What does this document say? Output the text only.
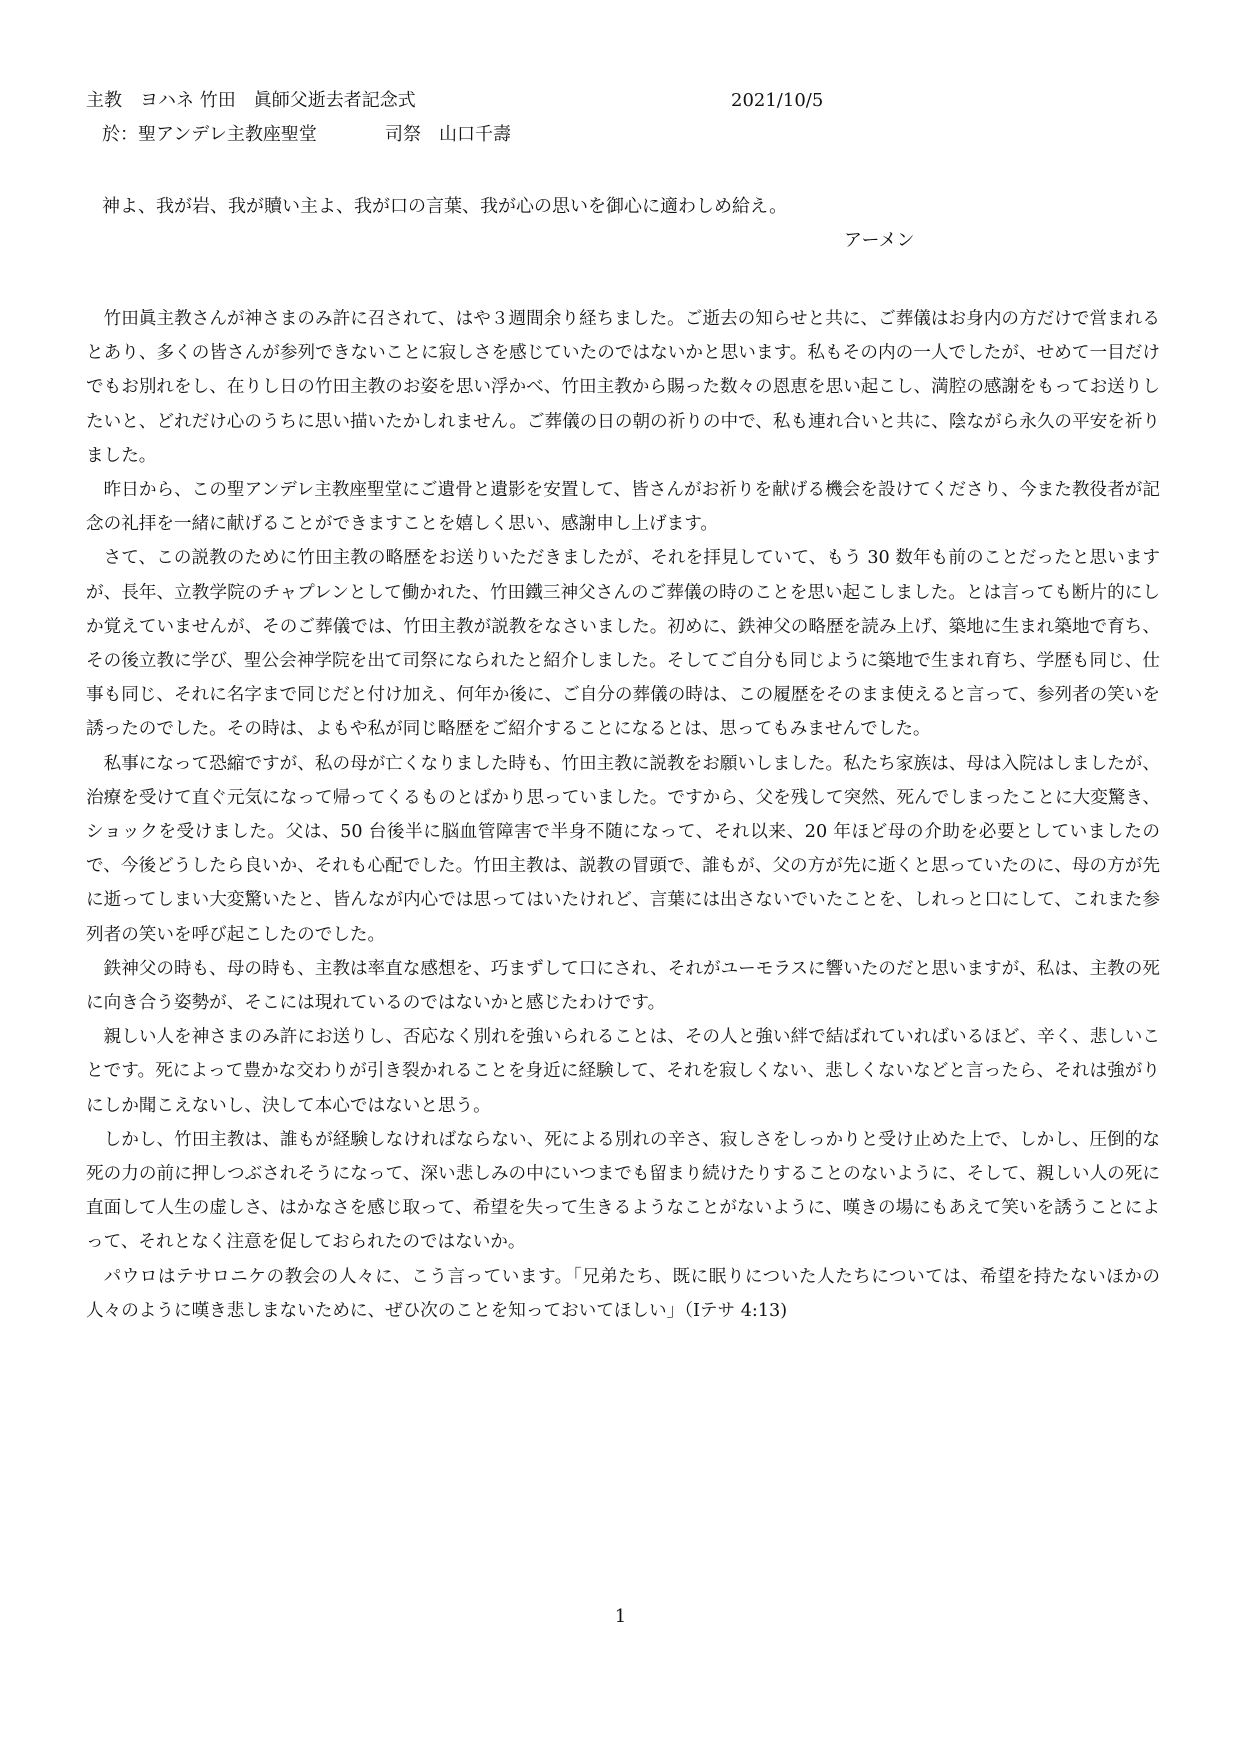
主教　ヨハネ 竹田　眞師父逝去者記念式	2021/10/5
於：聖アンデレ主教座聖堂	司祭　山口千壽
神よ、我が岩、我が贖い主よ、我が口の言葉、我が心の思いを御心に適わしめ給え。
アーメン

竹田眞主教さんが神さまのみ許に召されて、はや３週間余り経ちました。ご逝去の知らせと共に、ご葬儀はお身内の方だけで営まれるとあり、多くの皆さんが参列できないことに寂しさを感じていたのではないかと思います。私もその内の一人でしたが、せめて一目だけでもお別れをし、在りし日の竹田主教のお姿を思い浮かべ、竹田主教から賜った数々の恩恵を思い起こし、満腔の感謝をもってお送りしたいと、どれだけ心のうちに思い描いたかしれません。ご葬儀の日の朝の祈りの中で、私も連れ合いと共に、陰ながら永久の平安を祈りました。

昨日から、この聖アンデレ主教座聖堂にご遺骨と遺影を安置して、皆さんがお祈りを献げる機会を設けてくださり、今また教役者が記念の礼拝を一緒に献げることができますことを嬉しく思い、感謝申し上げます。

さて、この説教のために竹田主教の略歴をお送りいただきましたが、それを拝見していて、もう 30 数年も前のことだったと思いますが、長年、立教学院のチャプレンとして働かれた、竹田鐵三神父さんのご葬儀の時のことを思い起こしました。とは言っても断片的にしか覚えていませんが、そのご葬儀では、竹田主教が説教をなさいました。初めに、鉄神父の略歴を読み上げ、築地に生まれ築地で育ち、その後立教に学び、聖公会神学院を出て司祭になられたと紹介しました。そしてご自分も同じように築地で生まれ育ち、学歴も同じ、仕事も同じ、それに名字まで同じだと付け加え、何年か後に、ご自分の葬儀の時は、この履歴をそのまま使えると言って、参列者の笑いを誘ったのでした。その時は、よもや私が同じ略歴をご紹介することになるとは、思ってもみませんでした。

私事になって恐縮ですが、私の母が亡くなりました時も、竹田主教に説教をお願いしました。私たち家族は、母は入院はしましたが、治療を受けて直ぐ元気になって帰ってくるものとばかり思っていました。ですから、父を残して突然、死んでしまったことに大変驚き、ショックを受けました。父は、50 台後半に脳血管障害で半身不随になって、それ以来、20 年ほど母の介助を必要としていましたので、今後どうしたら良いか、それも心配でした。竹田主教は、説教の冒頭で、誰もが、父の方が先に逝くと思っていたのに、母の方が先に逝ってしまい大変驚いたと、皆んなが内心では思ってはいたけれど、言葉には出さないでいたことを、しれっと口にして、これまた参列者の笑いを呼び起こしたのでした。

鉄神父の時も、母の時も、主教は率直な感想を、巧まずして口にされ、それがユーモラスに響いたのだと思いますが、私は、主教の死に向き合う姿勢が、そこには現れているのではないかと感じたわけです。

親しい人を神さまのみ許にお送りし、否応なく別れを強いられることは、その人と強い絆で結ばれていればいるほど、辛く、悲しいことです。死によって豊かな交わりが引き裂かれることを身近に経験して、それを寂しくない、悲しくないなどと言ったら、それは強がりにしか聞こえないし、決して本心ではないと思う。

しかし、竹田主教は、誰もが経験しなければならない、死による別れの辛さ、寂しさをしっかりと受け止めた上で、しかし、圧倒的な死の力の前に押しつぶされそうになって、深い悲しみの中にいつまでも留まり続けたりすることのないように、そして、親しい人の死に直面して人生の虚しさ、はかなさを感じ取って、希望を失って生きるようなことがないように、嘆きの場にもあえて笑いを誘うことによって、それとなく注意を促しておられたのではないか。

パウロはテサロニケの教会の人々に、こう言っています。「兄弟たち、既に眠りについた人たちについては、希望を持たないほかの人々のように嘆き悲しまないために、ぜひ次のことを知っておいてほしい」（Ⅰテサ 4:13)

1
